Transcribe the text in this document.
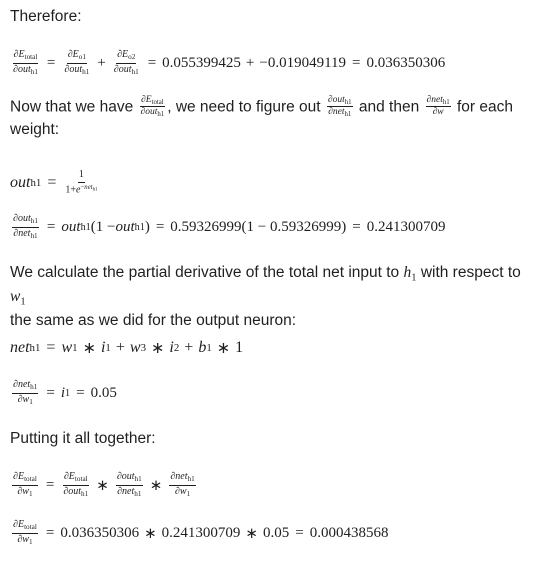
Therefore:
$\frac{\partial E_{total}}{\partial out_{h1}} = \frac{\partial E_{o1}}{\partial out_{h1}} + \frac{\partial E_{o2}}{\partial out_{h1}} = 0.055399425 + -0.019049119 = 0.036350306$
Now that we have $\frac{\partial E_{total}}{\partial out_{h1}}$ , we need to figure out $\frac{\partial out_{h1}}{\partial net_{h1}}$ and then $\frac{\partial net_{h1}}{\partial w}$ for each
weight:
out $h1 = \frac{1}{1+e^{-net_{h1}}}$
$\frac{\partial out_{h1}}{\partial net_{h1}}$ = out h1 (1 − out h1 ) = 0.59326999 (1 − 0.59326999 ) = 0.241300709
We calculate the partial derivative of the total net input to $h_1$ with respect to $w_1$
the same as we did for the output neuron:
net h1 = w 1 ∗ i 1 + w 3 ∗ i 2 + b 1 ∗ 1
$\frac{\partial net_{h1}}{\partial w_1} = i$ 1 = 0.05
Putting it all together:
$\frac{\partial E_{total}}{\partial w_1} = \frac{\partial E_{total}}{\partial out_{h1}}$ ∗ $\frac{\partial out_{h1}}{\partial net_{h1}}$ ∗ $\frac{\partial net_{h1}}{\partial w_1}$
$\frac{\partial E_{total}}{\partial w_1} = 0.036350306$ ∗ 0.241300709 ∗ 0.05 = 0.000438568
